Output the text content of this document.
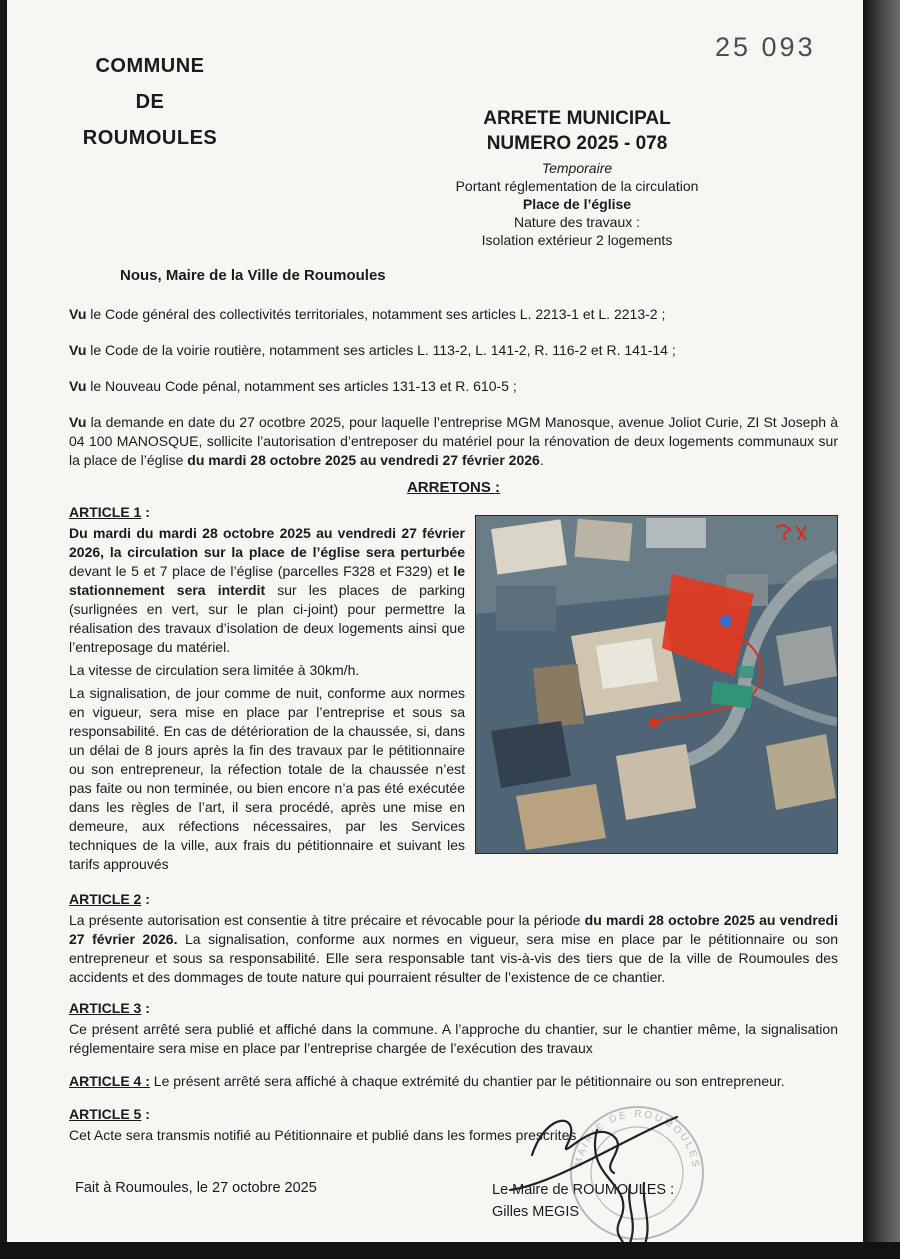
25 093
COMMUNE
DE
ROUMOULES
ARRETE MUNICIPAL
NUMERO 2025 - 078
Temporaire
Portant réglementation de la circulation
Place de l’église
Nature des travaux :
Isolation extérieur 2 logements
Nous, Maire de la Ville de Roumoules

Vu le Code général des collectivités territoriales, notamment ses articles L. 2213-1 et L. 2213-2 ;

Vu le Code de la voirie routière, notamment ses articles L. 113-2, L. 141-2, R. 116-2 et R. 141-14 ;

Vu le Nouveau Code pénal, notamment ses articles 131-13 et R. 610-5 ;

Vu la demande en date du 27 ocotbre 2025, pour laquelle l’entreprise MGM Manosque, avenue Joliot Curie, ZI St Joseph à 04 100 MANOSQUE, sollicite l’autorisation d’entreposer du matériel pour la rénovation de deux logements communaux sur la place de l’église du mardi 28 octobre 2025 au vendredi 27 février 2026.

ARRETONS :
ARTICLE 1 :

Du mardi du mardi 28 octobre 2025 au vendredi 27 février 2026, la circulation sur la place de l’église sera perturbée devant le 5 et 7 place de l’église (parcelles F328 et F329) et le stationnement sera interdit sur les places de parking (surlignées en vert, sur le plan ci-joint) pour permettre la réalisation des travaux d’isolation de deux logements ainsi que l’entreposage du matériel.

La vitesse de circulation sera limitée à 30km/h.

La signalisation, de jour comme de nuit, conforme aux normes en vigueur, sera mise en place par l’entreprise et sous sa responsabilité. En cas de détérioration de la chaussée, si, dans un délai de 8 jours après la fin des travaux par le pétitionnaire ou son entrepreneur, la réfection totale de la chaussée n’est pas faite ou non terminée, ou bien encore n’a pas été exécutée dans les règles de l’art, il sera procédé, après une mise en demeure, aux réfections nécessaires, par les Services techniques de la ville, aux frais du pétitionnaire et suivant les tarifs approuvés

ARTICLE 2 :

La présente autorisation est consentie à titre précaire et révocable pour la période du mardi 28 octobre 2025 au vendredi 27 février 2026. La signalisation, conforme aux normes en vigueur, sera mise en place par le pétitionnaire ou son entrepreneur et sous sa responsabilité. Elle sera responsable tant vis-à-vis des tiers que de la ville de Roumoules des accidents et des dommages de toute nature qui pourraient résulter de l’existence de ce chantier.

ARTICLE 3 :

Ce présent arrêté sera publié et affiché dans la commune. A l’approche du chantier, sur le chantier même, la signalisation réglementaire sera mise en place par l’entreprise chargée de l’exécution des travaux

ARTICLE 4 : Le présent arrêté sera affiché à chaque extrémité du chantier par le pétitionnaire ou son entrepreneur.

ARTICLE 5 :

Cet Acte sera transmis notifié au Pétitionnaire et publié dans les formes prescrites

Fait à Roumoules, le 27 octobre 2025	Le Maire de ROUMOULES :
Gilles MEGIS
MAIRIE DE ROUMOULES
